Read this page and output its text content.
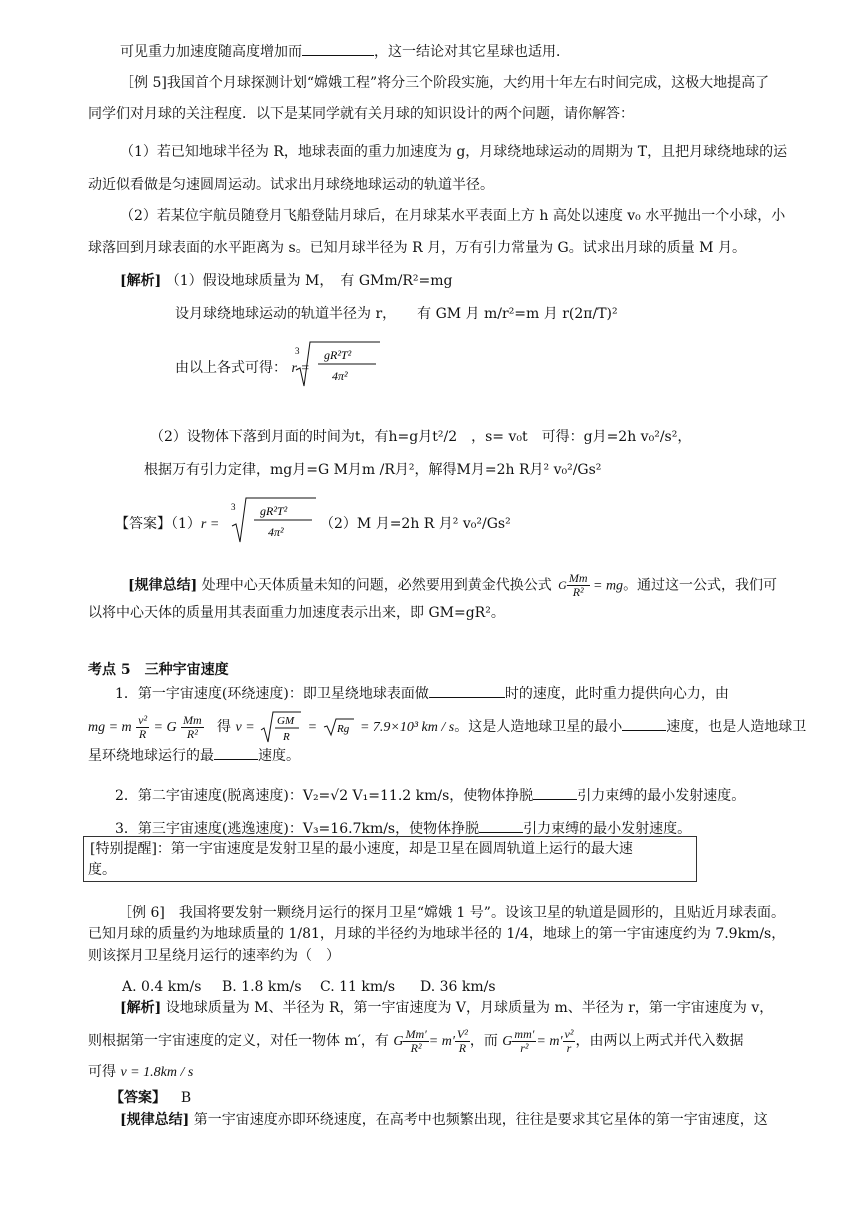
可见重力加速度随高度增加而	，这一结论对其它星球也适用．
［例 5]我国首个月球探测计划“嫦娥工程”将分三个阶段实施，大约用十年左右时间完成，这极大地提高了
同学们对月球的关注程度．以下是某同学就有关月球的知识设计的两个问题，请你解答：
（1）若已知地球半径为 R，地球表面的重力加速度为 g，月球绕地球运动的周期为 T，且把月球绕地球的运
动近似看做是匀速圆周运动。试求出月球绕地球运动的轨道半径。
（2）若某位宇航员随登月飞船登陆月球后，在月球某水平表面上方 h 高处以速度 v₀ 水平抛出一个小球，小
球落回到月球表面的水平距离为 s。已知月球半径为 R 月，万有引力常量为 G。试求出月球的质量 M 月。
[解析] （1）假设地球质量为 M，　有 GMm/R²=mg
设月球绕地球运动的轨道半径为 r，　　有 GM 月 m/r²=m 月 r(2π/T)²
由以上各式可得： r =
3 gR²T²
4π²
（2）设物体下落到月面的时间为t，有h=g月t²/2　，s= v₀t　可得：g月=2h v₀²/s²，
根据万有引力定律，mg月=G M月m /R月²，解得M月=2h R月² v₀²/Gs²
【答案】（1）r =
3 gR²T²
4π²	（2）M 月=2h R 月² v₀²/Gs²
[规律总结] 处理中心天体质量未知的问题，必然要用到黄金代换公式 G $\frac{Mm}{\text{R²}}$ = mg。通过这一公式，我们可
以将中心天体的质量用其表面重力加速度表示出来，即 GM=gR²。
考点 5　三种宇宙速度
1．第一宇宙速度(环绕速度)：即卫星绕地球表面做	时的速度，此时重力提供向心力，由
mg = m $\frac{\text{v²}}{R} = G \frac{Mm}{\text{R²}}$ 得 v = GM
R
= Rg = 7.9×10³ km / s。这是人造地球卫星的最小	速度，也是人造地球卫
星环绕地球运行的最	速度。
2．第二宇宙速度(脱离速度)：V₂=√2 V₁=11.2 km/s，使物体挣脱	引力束缚的最小发射速度。
3．第三宇宙速度(逃逸速度)：V₃=16.7km/s，使物体挣脱	引力束缚的最小发射速度。
[特别提醒]：第一宇宙速度是发射卫星的最小速度，却是卫星在圆周轨道上运行的最大速
度。
［例 6]　我国将要发射一颗绕月运行的探月卫星“嫦娥 1 号”。设该卫星的轨道是圆形的，且贴近月球表面。
已知月球的质量约为地球质量的 1/81，月球的半径约为地球半径的 1/4，地球上的第一宇宙速度约为 7.9km/s，
则该探月卫星绕月运行的速率约为（　）
A. 0.4 km/s B. 1.8 km/s C. 11 km/s D. 36 km/s
[解析] 设地球质量为 M、半径为 R，第一宇宙速度为 V，月球质量为 m、半径为 r，第一宇宙速度为 v，
则根据第一宇宙速度的定义，对任一物体 m′，有 G $\frac{Mm'}{\text{R²}} = m' \frac{\text{V²}}{R}$ ，而 G $\frac{mm'}{\text{r²}} = m' \frac{\text{v²}}{r}$ ，由两以上两式并代入数据
可得 v = 1.8km / s
【答案】 B
[规律总结] 第一宇宙速度亦即环绕速度，在高考中也频繁出现，往往是要求其它星体的第一宇宙速度，这
